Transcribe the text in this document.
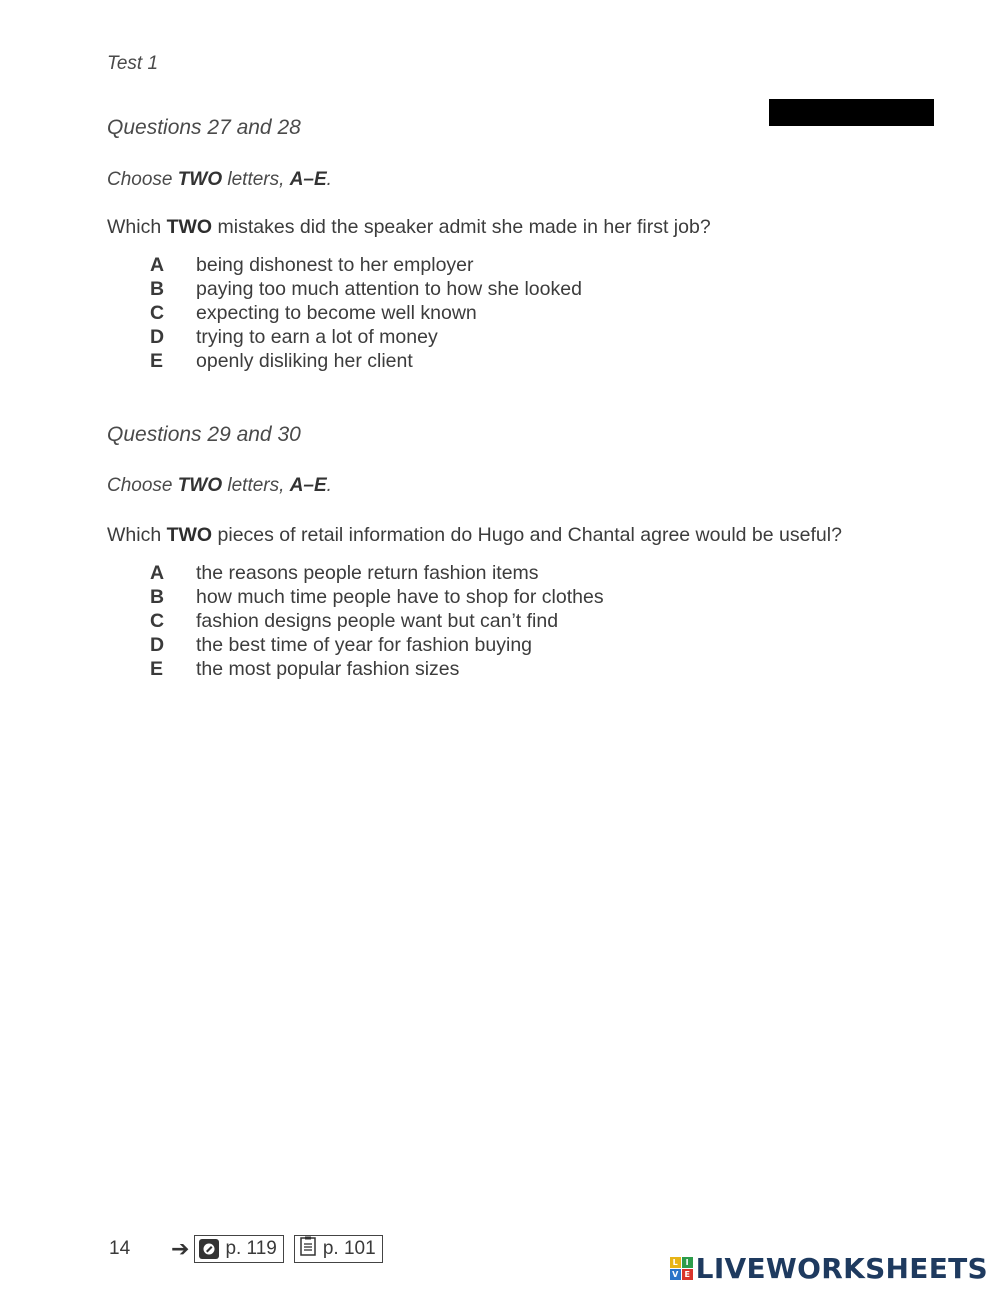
Test 1
Questions 27 and 28
Choose TWO letters, A–E.
Which TWO mistakes did the speaker admit she made in her first job?
A	being dishonest to her employer
B	paying too much attention to how she looked
C	expecting to become well known
D	trying to earn a lot of money
E	openly disliking her client
Questions 29 and 30
Choose TWO letters, A–E.
Which TWO pieces of retail information do Hugo and Chantal agree would be useful?
A	the reasons people return fashion items
B	how much time people have to shop for clothes
C	fashion designs people want but can’t find
D	the best time of year for fashion buying
E	the most popular fashion sizes
14	➔ p. 119 p. 101
L I
V E LIVEWORKSHEETS
